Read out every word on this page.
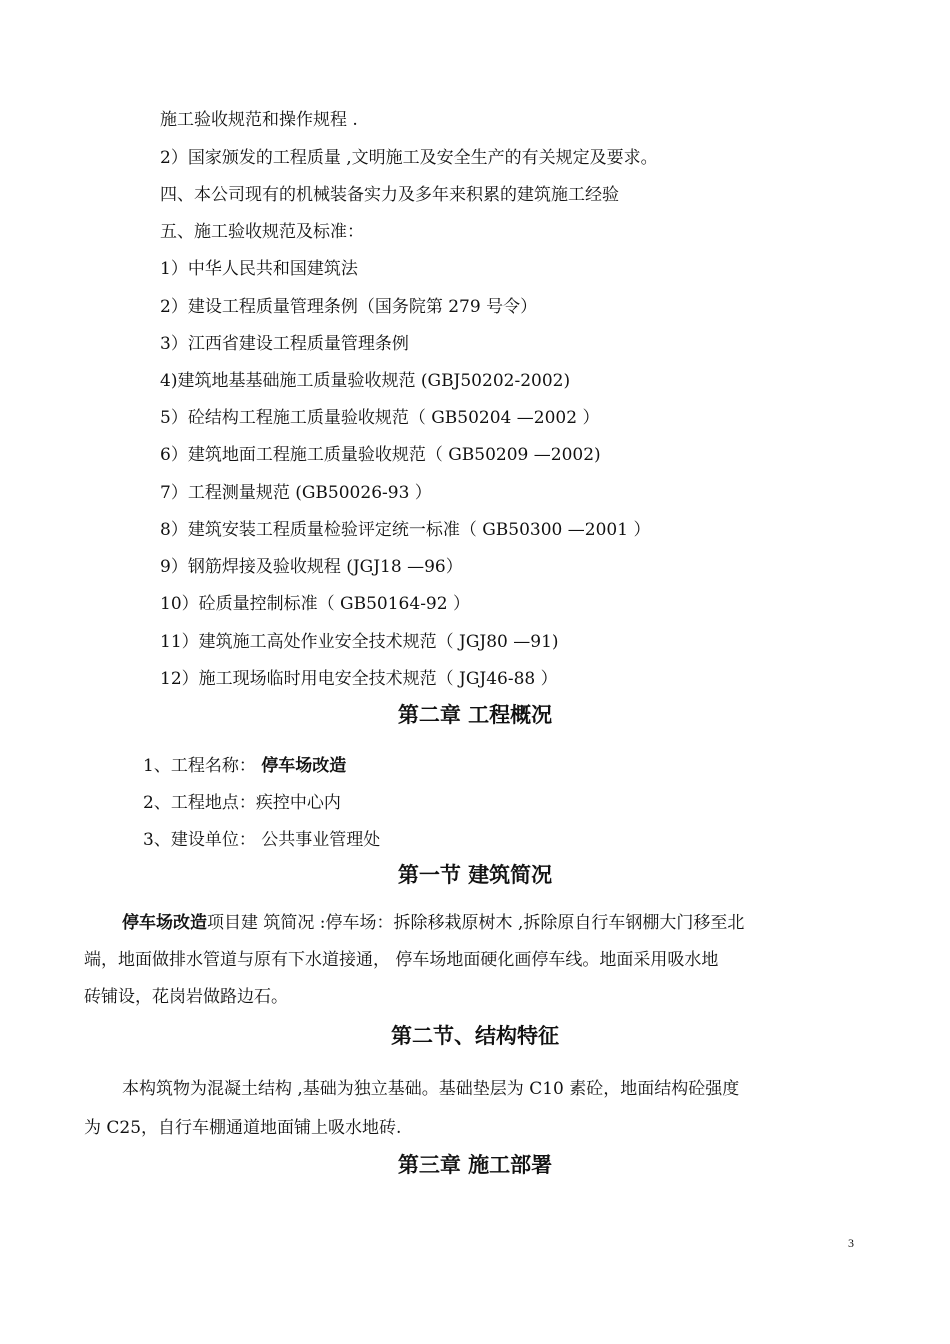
施工验收规范和操作规程 .
2）国家颁发的工程质量 ,文明施工及安全生产的有关规定及要求。
四、本公司现有的机械装备实力及多年来积累的建筑施工经验
五、施工验收规范及标准：
1）中华人民共和国建筑法
2）建设工程质量管理条例（国务院第 279 号令）
3）江西省建设工程质量管理条例
4)建筑地基基础施工质量验收规范 (GBJ50202-2002)
5）砼结构工程施工质量验收规范（ GB50204 —2002 ）
6）建筑地面工程施工质量验收规范（ GB50209 —2002)
7）工程测量规范 (GB50026-93 ）
8）建筑安装工程质量检验评定统一标准（ GB50300 —2001 ）
9）钢筋焊接及验收规程 (JGJ18 —96）
10）砼质量控制标准（ GB50164-92 ）
11）建筑施工高处作业安全技术规范（ JGJ80 —91)
12）施工现场临时用电安全技术规范（ JGJ46-88 ）
第二章 工程概况
1、工程名称： 停车场改造
2、工程地点：疾控中心内
3、建设单位： 公共事业管理处
第一节 建筑简况
停车场改造项目建 筑简况 :停车场：拆除移栽原树木 ,拆除原自行车钢棚大门移至北
端，地面做排水管道与原有下水道接通， 停车场地面硬化画停车线。地面采用吸水地
砖铺设，花岗岩做路边石。
第二节、结构特征
本构筑物为混凝土结构 ,基础为独立基础。基础垫层为 C10 素砼，地面结构砼强度
为 C25，自行车棚通道地面铺上吸水地砖.
第三章 施工部署
3
